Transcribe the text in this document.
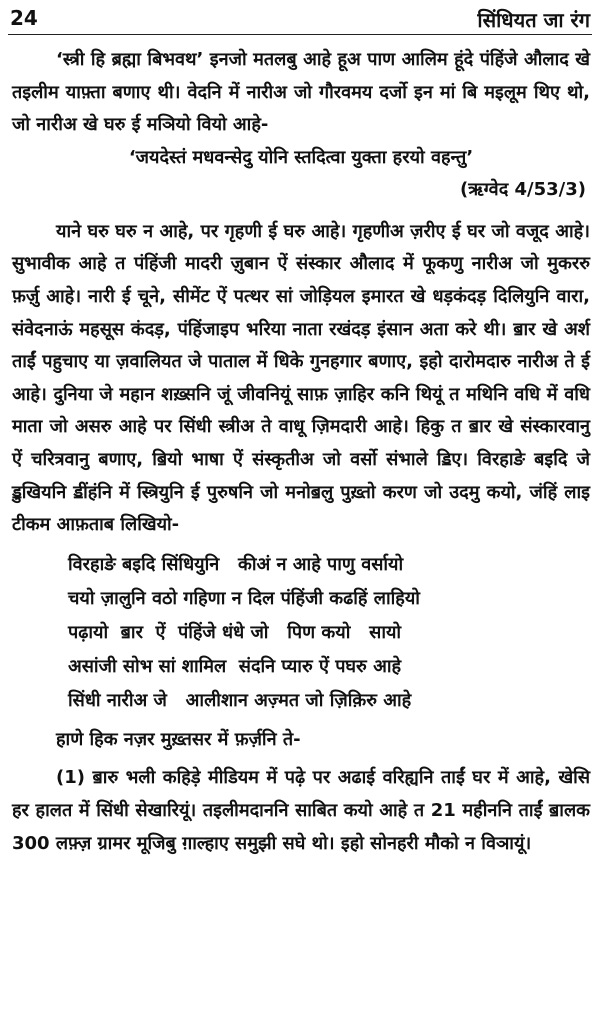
24	सिंधियत जा रंग

‘स्त्री हि ब्रह्मा बिभवथ’ इनजो मतलबु आहे हूअ पाण आलिम हूंदे पंहिंजे औलाद खे तइलीम याफ़्ता बणाए थी। वेदनि में नारीअ जो गौरवमय दर्जो इन मां बि मइलूम थिए थो, जो नारीअ खे घरु ई मञियो वियो आहे-

‘जयदेस्तं मधवन्सेदु योनि स्तदित्वा युक्ता हरयो वहन्तु’

(ऋग्वेद 4/53/3)

याने घरु घरु न आहे, पर गृहणी ई घरु आहे। गृहणीअ ज़रीए ई घर जो वजूद आहे। सुभावीक आहे त पंहिंजी मादरी ज़ुबान ऐं संस्कार औलाद में फूकणु नारीअ जो मुकररु फ़र्ज़ु आहे। नारी ई चूने, सीमेंट ऐं पत्थर सां जोड़ियल इमारत खे धड़कंदड़ दिलियुनि वारा, संवेदनाऊं महसूस कंदड़, पंहिंजाइप भरिया नाता रखंदड़ इंसान अता करे थी। ॿार खे अर्श ताईं पहुचाए या ज़वालियत जे पाताल में धिके गुनहगार बणाए, इहो दारोमदारु नारीअ ते ई आहे। दुनिया जे महान शख़्सनि जूं जीवनियूं साफ़ ज़ाहिर कनि थियूं त मथिनि वधि में वधि माता जो असरु आहे पर सिंधी स्त्रीअ ते वाधू ज़िमदारी आहे। हिकु त ॿार खे संस्कारवानु ऐं चरित्रवानु बणाए, ॿियो भाषा ऐं संस्कृतीअ जो वर्सो संभाले ॾिए। विरहाङे बइदि जे ॾुखियनि ॾींहंनि में स्त्रियुनि ई पुरुषनि जो मनोॿलु पुख़्तो करण जो उदमु कयो, जंहिं लाइ टीकम आफ़ताब लिखियो-

विरहाङे बइदि सिंधियुनि   कीअं न आहे पाणु वर्सायो
चयो ज़ालुनि वठो गहिणा न दिल पंहिंजी कढहिं लाहियो
पढ़ायो  ॿार  ऐं  पंहिंजे धंधे जो   पिण कयो   सायो
असांजी सोभ सां शामिल  संदनि प्यारु ऐं पघरु आहे
सिंधी नारीअ जे   आलीशान अज़्मत जो ज़िक़िरु आहे

हाणे हिक नज़र मुख़्तसर में फ़र्ज़नि ते-

(1) ॿारु भली कहिड़े मीडियम में पढ़े पर अढाई वरिह्यनि ताईं घर में आहे, खेसि हर हालत में सिंधी सेखारियूं। तइलीमदाननि साबित कयो आहे त 21 महीननि ताईं ॿालक 300 लफ़्ज़ ग्रामर मूजिबु ग़ाल्हाए समुझी सघे थो। इहो सोनहरी मौको न विञायूं।
